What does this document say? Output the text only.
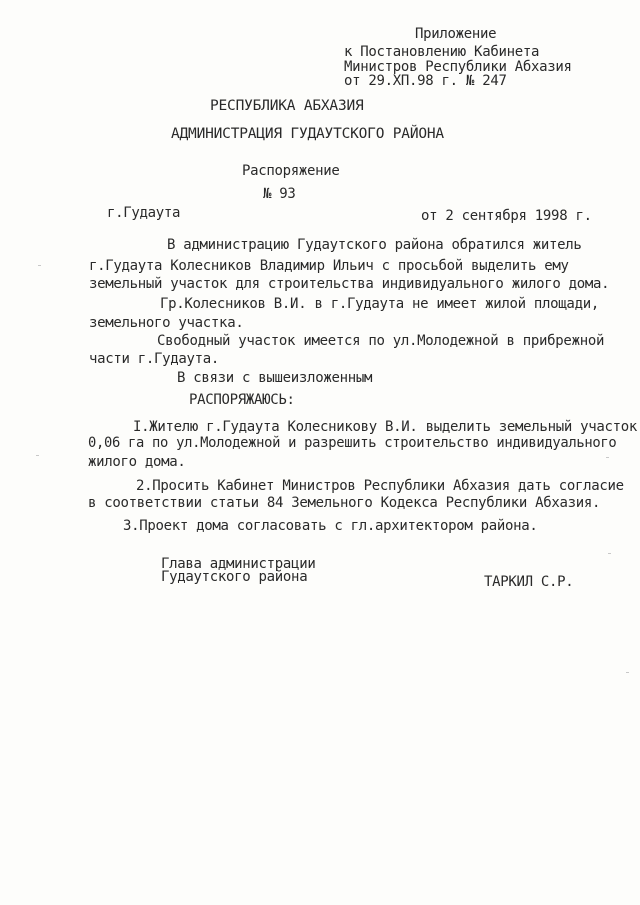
Приложение
к Постановлению Кабинета
Министров Республики Абхазия
от 29.ХП.98 г. № 247
РЕСПУБЛИКА АБХАЗИЯ
АДМИНИСТРАЦИЯ ГУДАУТСКОГО РАЙОНА
Распоряжение
№ 93
г.Гудаута	от 2 сентября 1998 г.
В администрацию Гудаутского района обратился житель
г.Гудаута Колесников Владимир Ильич с просьбой выделить ему
земельный участок для строительства индивидуального жилого дома.
Гр.Колесников В.И. в г.Гудаута не имеет жилой площади,
земельного участка.
Свободный участок имеется по ул.Молодежной в прибрежной
части г.Гудаута.
В связи с вышеизложенным
РАСПОРЯЖАЮСЬ:
I.Жителю г.Гудаута Колесникову В.И. выделить земельный участок
0,06 га по ул.Молодежной и разрешить строительство индивидуального
жилого дома.
2.Просить Кабинет Министров Республики Абхазия дать согласие
в соответствии статьи 84 Земельного Кодекса Республики Абхазия.
3.Проект дома согласовать с гл.архитектором района.
Глава администрации
Гудаутского района	ТАРКИЛ С.Р.
